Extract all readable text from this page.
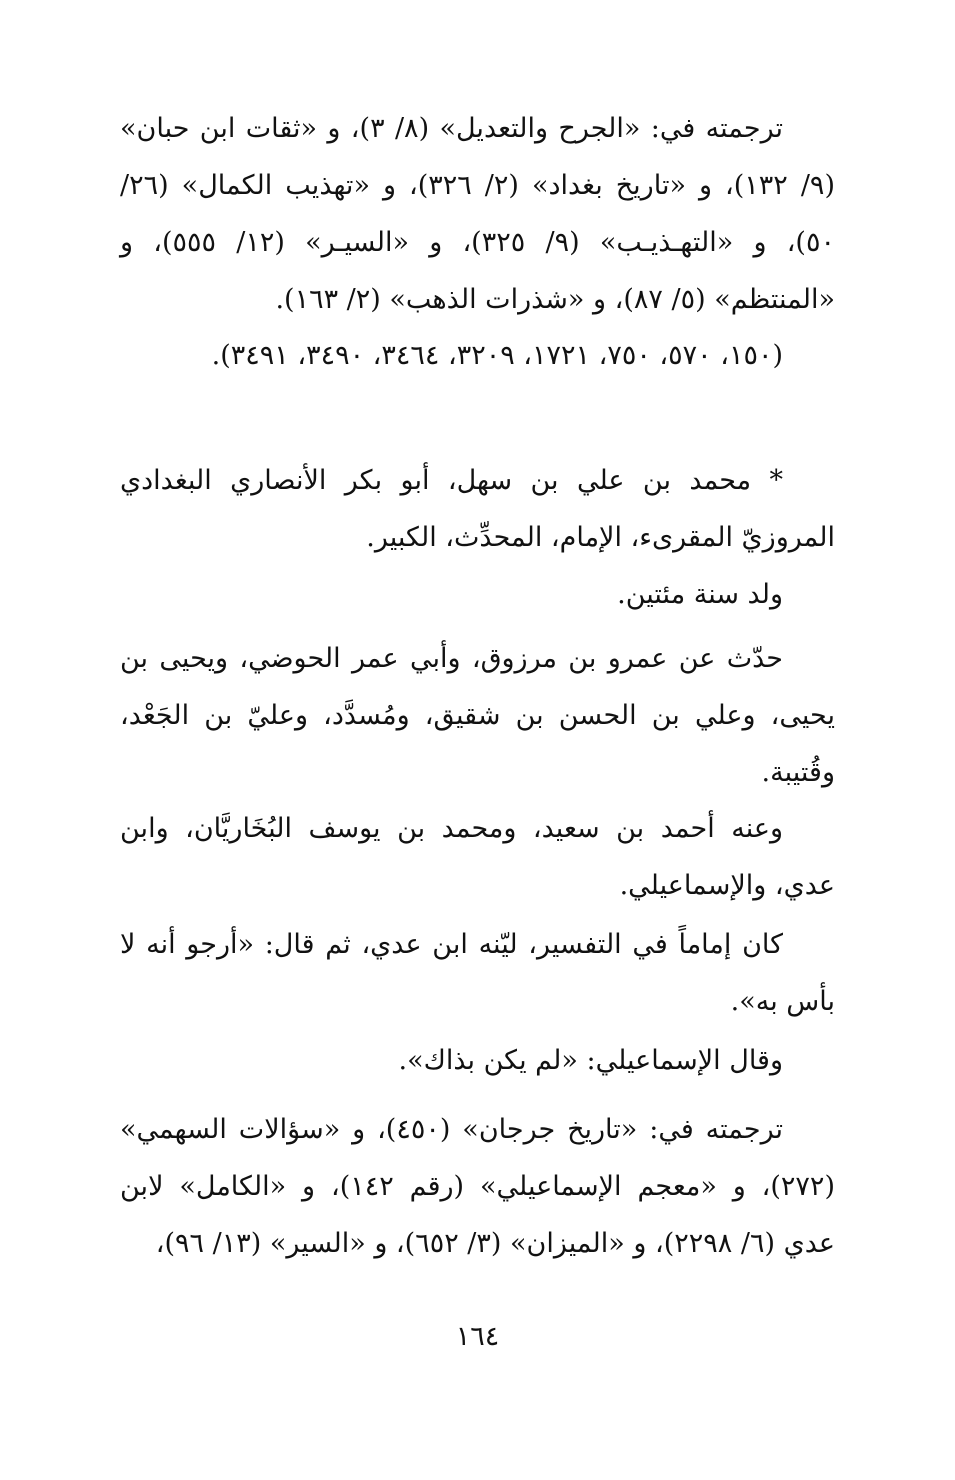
ترجمته في: «الجرح والتعديل» (٨/ ٣)، و «ثقات ابن حبان» (٩/ ١٣٢)، و «تاريخ بغداد» (٢/ ٣٢٦)، و «تهذيب الكمال» (٢٦/ ٥٠)، و «التهـذيـب» (٩/ ٣٢٥)، و «السيـر» (١٢/ ٥٥٥)، و «المنتظم» (٥/ ٨٧)، و «شذرات الذهب» (٢/ ١٦٣).

(١٥٠، ٥٧٠، ٧٥٠، ١٧٢١، ٣٢٠٩، ٣٤٦٤، ٣٤٩٠، ٣٤٩١).

* محمد بن علي بن سهل، أبو بكر الأنصاري البغدادي المروزيّ المقرىء، الإمام، المحدِّث، الكبير.

ولد سنة مئتين.

حدّث عن عمرو بن مرزوق، وأبي عمر الحوضي، ويحيى بن يحيى، وعلي بن الحسن بن شقيق، ومُسدَّد، وعليّ بن الجَعْد، وقُتيبة.

وعنه أحمد بن سعيد، ومحمد بن يوسف البُخَاريَّان، وابن عدي، والإسماعيلي.

كان إماماً في التفسير، ليّنه ابن عدي، ثم قال: «أرجو أنه لا بأس به».

وقال الإسماعيلي: «لم يكن بذاك».

ترجمته في: «تاريخ جرجان» (٤٥٠)، و «سؤالات السهمي» (٢٧٢)، و «معجم الإسماعيلي» (رقم ١٤٢)، و «الكامل» لابن عدي (٦/ ٢٢٩٨)، و «الميزان» (٣/ ٦٥٢)، و «السير» (١٣/ ٩٦)،

١٦٤
